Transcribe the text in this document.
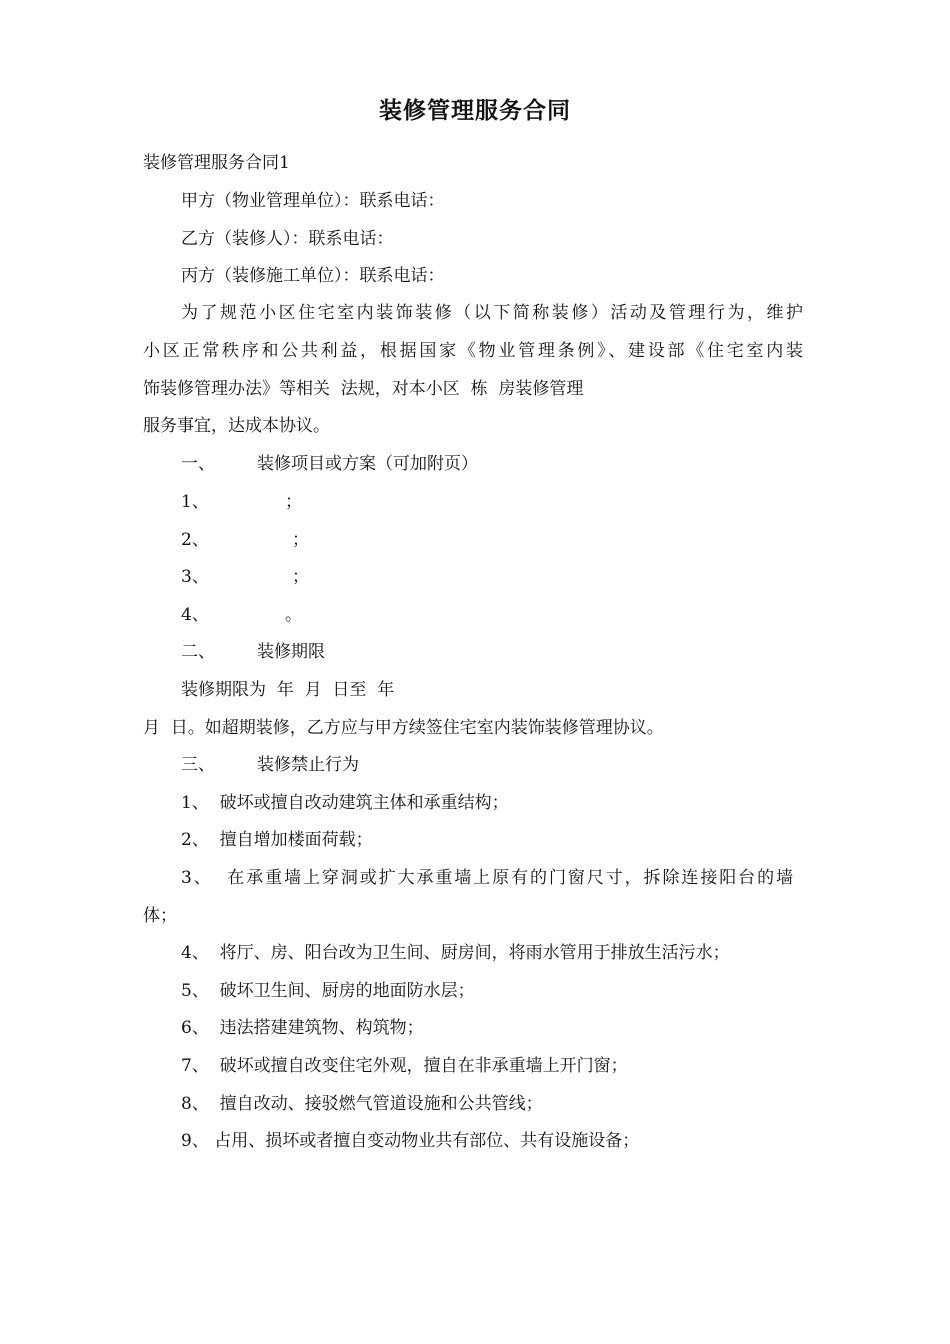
装修管理服务合同
装修管理服务合同1
甲方（物业管理单位）：联系电话：
乙方（装修人）：联系电话：
丙方（装修施工单位）：联系电话：
为了规范小区住宅室内装饰装修（以下简称装修）活动及管理行为，维护
小区正常秩序和公共利益，根据国家《物业管理条例》、建设部《住宅室内装
饰装修管理办法》等相关  法规，对本小区  栋  房装修管理
服务事宜，达成本协议。
一、 装修项目或方案（可加附页）
1、	；
2、	；
3、	；
4、	。
二、 装修期限
装修期限为  年  月  日至  年
月  日。如超期装修，乙方应与甲方续签住宅室内装饰装修管理协议。
三、 装修禁止行为
1、  破坏或擅自改动建筑主体和承重结构；
2、  擅自增加楼面荷载；
3、  在承重墙上穿洞或扩大承重墙上原有的门窗尺寸，拆除连接阳台的墙
体；
4、  将厅、房、阳台改为卫生间、厨房间，将雨水管用于排放生活污水；
5、  破坏卫生间、厨房的地面防水层；
6、  违法搭建建筑物、构筑物；
7、  破坏或擅自改变住宅外观，擅自在非承重墙上开门窗；
8、  擅自改动、接驳燃气管道设施和公共管线；
9、 占用、损坏或者擅自变动物业共有部位、共有设施设备；
